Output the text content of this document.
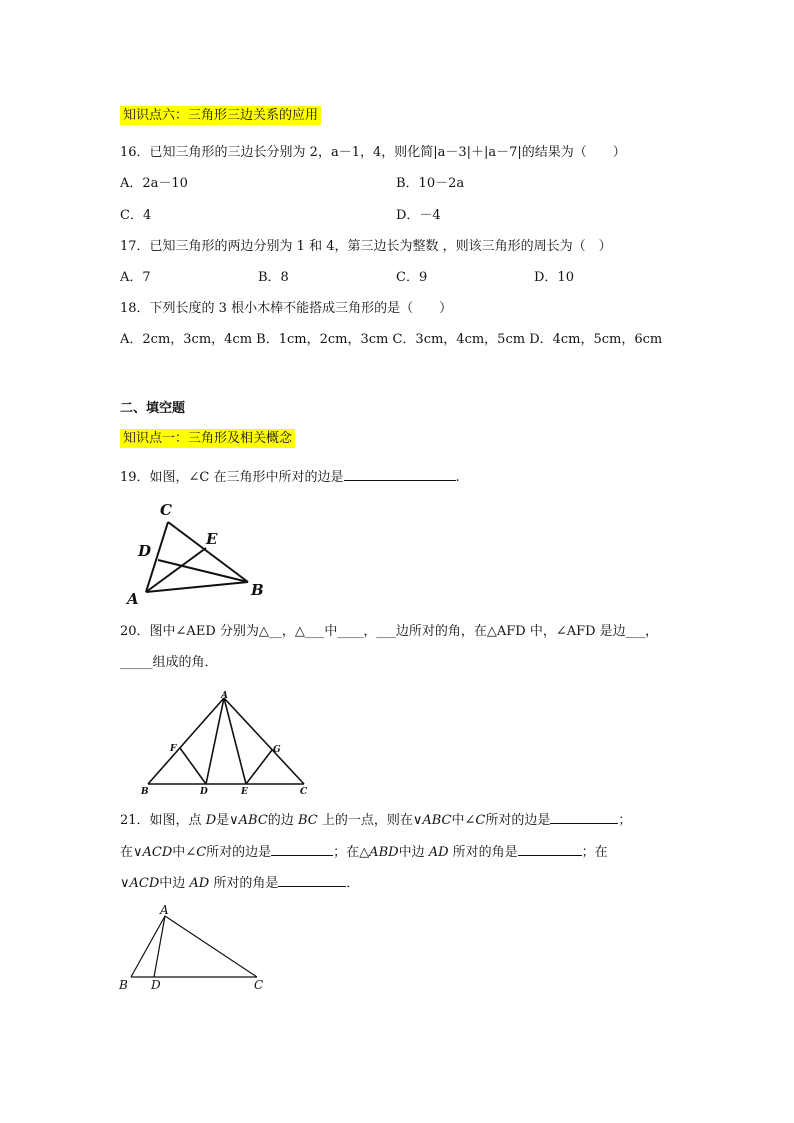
知识点六：三角形三边关系的应用
16．已知三角形的三边长分别为 2，a－1，4，则化简|a－3|＋|a－7|的结果为（　　）
A．2a－10	B．10－2a
C．4	D．－4
17．已知三角形的两边分别为 1 和 4，第三边长为整数 ，则该三角形的周长为（　）
A．7	B．8	C．9	D．10
18．下列长度的 3 根小木棒不能搭成三角形的是（　　）
A．2cm，3cm，4cm B．1cm，2cm，3cm C．3cm，4cm，5cm D．4cm，5cm，6cm
二、填空题
知识点一：三角形及相关概念
19．如图，∠C 在三角形中所对的边是	.
C
E
D
B
A
20．图中∠AED 分别为△__，△___中____，___边所对的角，在△AFD 中，∠AFD 是边___，
_____组成的角．
A
F	G
B	D	E	C
21．如图，点 D是∨ABC的边 BC 上的一点，则在∨ABC中∠C所对的边是	；
在∨ACD中∠C所对的边是	；在△ABD中边 AD 所对的角是	；在
∨ACD中边 AD 所对的角是	．
A
B D	C
